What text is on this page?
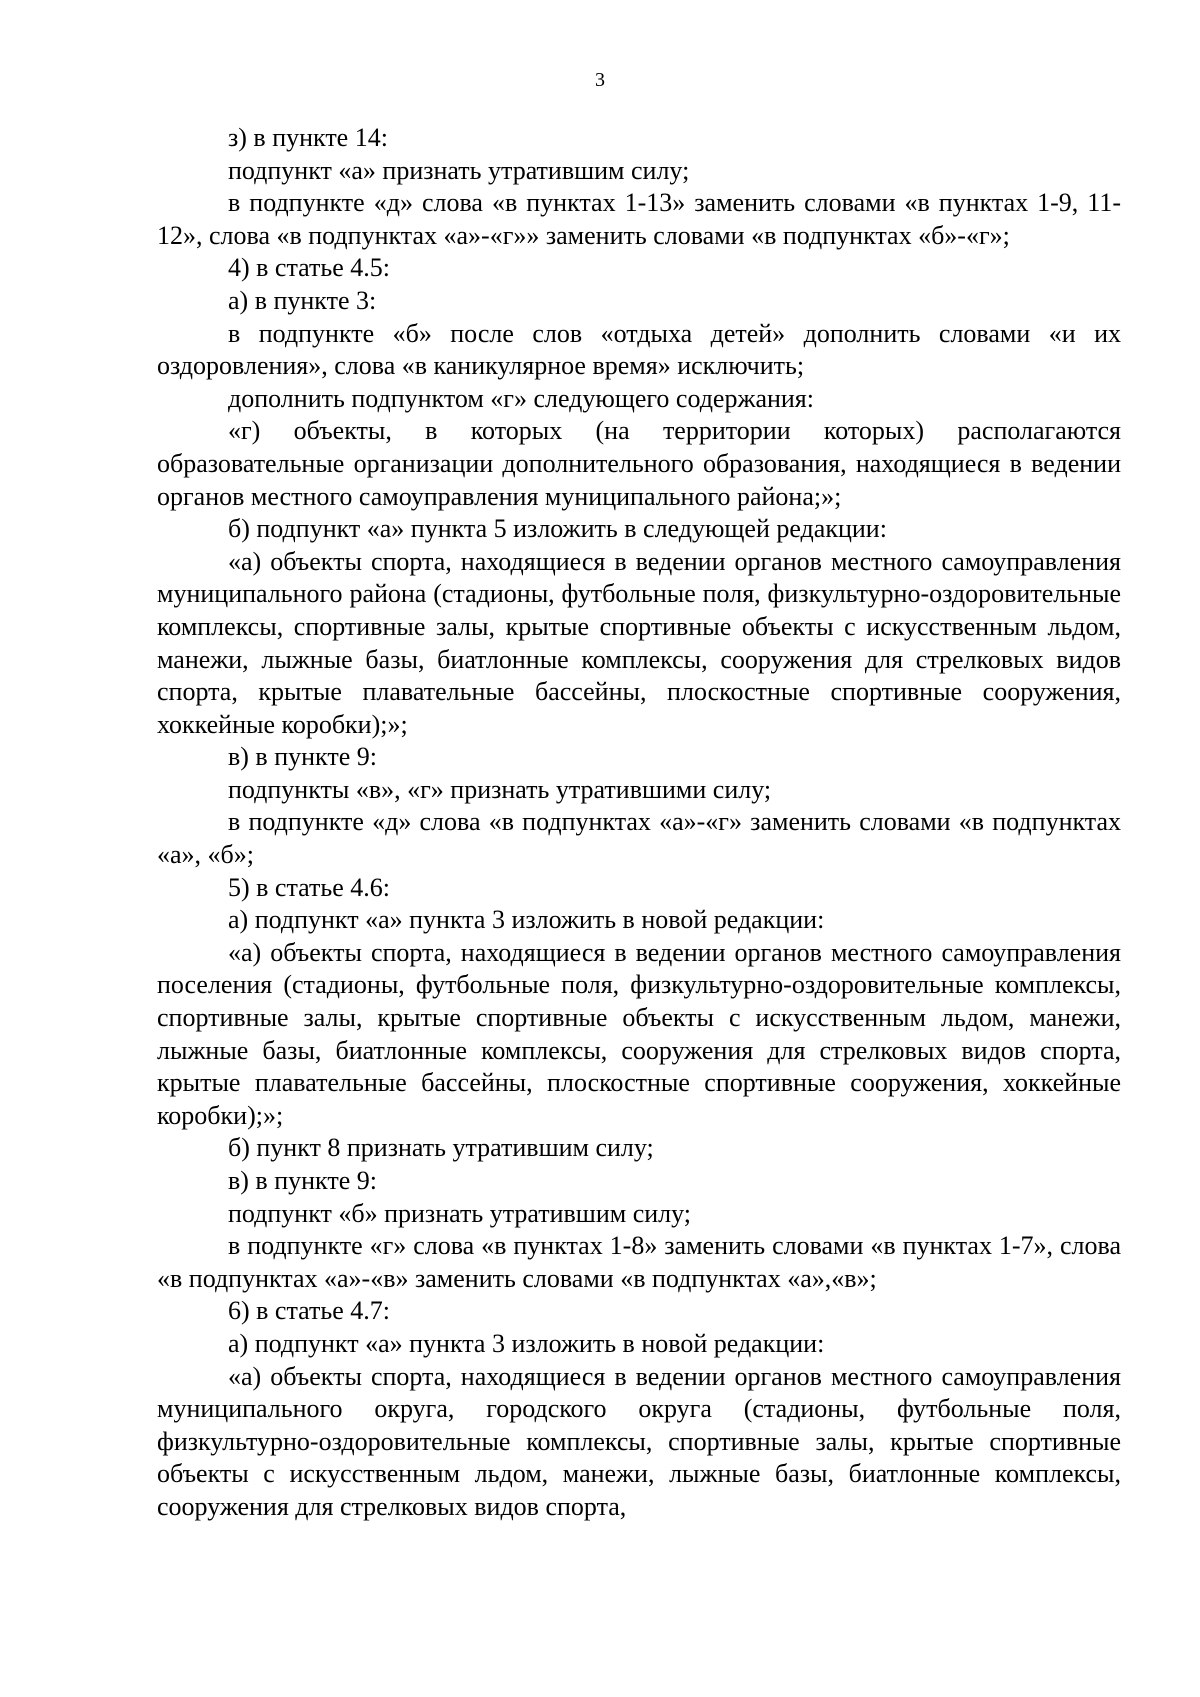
3

з) в пункте 14:

подпункт «а» признать утратившим силу;

в подпункте «д» слова «в пунктах 1-13» заменить словами «в пунктах 1-9, 11-12», слова «в подпунктах «а»-«г»» заменить словами «в подпунктах «б»-«г»;

4) в статье 4.5:

а) в пункте 3:

в подпункте «б» после слов «отдыха детей» дополнить словами «и их оздоровления», слова «в каникулярное время» исключить;

дополнить подпунктом «г» следующего содержания:

«г) объекты, в которых (на территории которых) располагаются образовательные организации дополнительного образования, находящиеся в ведении органов местного самоуправления муниципального района;»;

б) подпункт «а» пункта 5 изложить в следующей редакции:

«а) объекты спорта, находящиеся в ведении органов местного самоуправления муниципального района (стадионы, футбольные поля, физкультурно-оздоровительные комплексы, спортивные залы, крытые спортивные объекты с искусственным льдом, манежи, лыжные базы, биатлонные комплексы, сооружения для стрелковых видов спорта, крытые плавательные бассейны, плоскостные спортивные сооружения, хоккейные коробки);»;

в) в пункте 9:

подпункты «в», «г» признать утратившими силу;

в подпункте «д» слова «в подпунктах «а»-«г» заменить словами «в подпунктах «а», «б»;

5) в статье 4.6:

а) подпункт «а» пункта 3 изложить в новой редакции:

«а) объекты спорта, находящиеся в ведении органов местного самоуправления поселения (стадионы, футбольные поля, физкультурно-оздоровительные комплексы, спортивные залы, крытые спортивные объекты с искусственным льдом, манежи, лыжные базы, биатлонные комплексы, сооружения для стрелковых видов спорта, крытые плавательные бассейны, плоскостные спортивные сооружения, хоккейные коробки);»;

б) пункт 8 признать утратившим силу;

в) в пункте 9:

подпункт «б» признать утратившим силу;

в подпункте «г» слова «в пунктах 1-8» заменить словами «в пунктах 1-7», слова «в подпунктах «а»-«в» заменить словами «в подпунктах «а»,«в»;

6) в статье 4.7:

а) подпункт «а» пункта 3 изложить в новой редакции:

«а) объекты спорта, находящиеся в ведении органов местного самоуправления муниципального округа, городского округа (стадионы, футбольные поля, физкультурно-оздоровительные комплексы, спортивные залы, крытые спортивные объекты с искусственным льдом, манежи, лыжные базы, биатлонные комплексы, сооружения для стрелковых видов спорта,
